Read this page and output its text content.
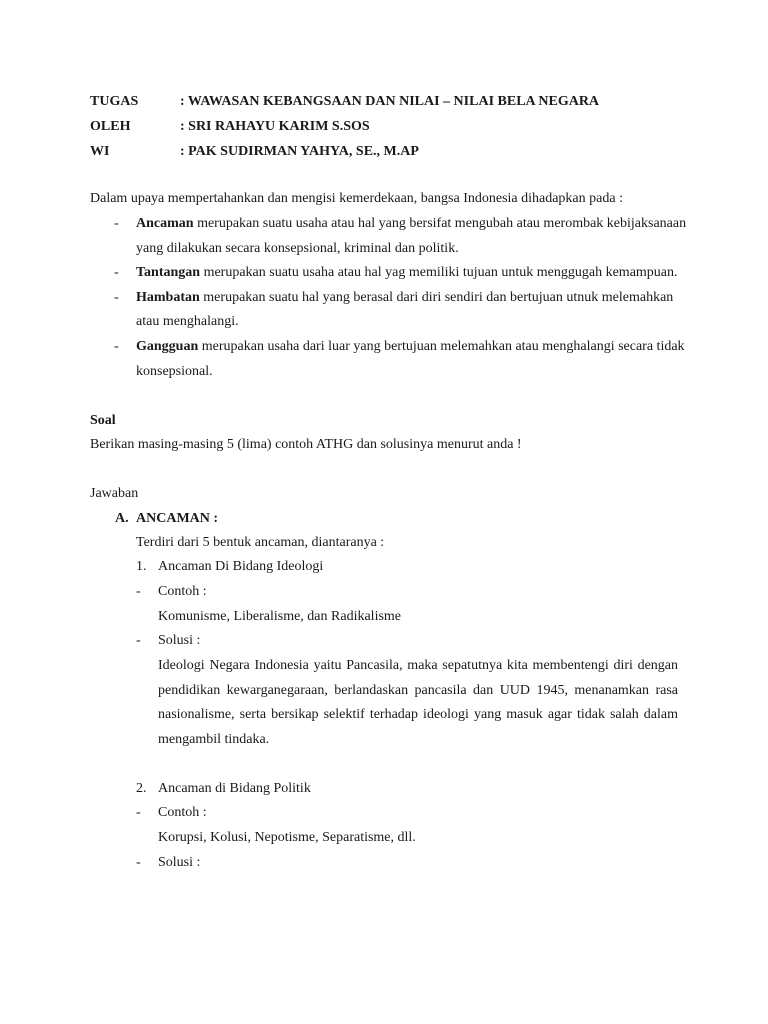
TUGAS	: WAWASAN KEBANGSAAN DAN NILAI – NILAI BELA NEGARA
OLEH	: SRI RAHAYU KARIM S.SOS
WI	: PAK SUDIRMAN YAHYA, SE., M.AP
Dalam upaya mempertahankan dan mengisi kemerdekaan, bangsa Indonesia dihadapkan pada :
- Ancaman merupakan suatu usaha atau hal yang bersifat mengubah atau merombak kebijaksanaan
yang dilakukan secara konsepsional, kriminal dan politik.
- Tantangan merupakan suatu usaha atau hal yag memiliki tujuan untuk menggugah kemampuan.
- Hambatan merupakan suatu hal yang berasal dari diri sendiri dan bertujuan utnuk melemahkan
atau menghalangi.
- Gangguan merupakan usaha dari luar yang bertujuan melemahkan atau menghalangi secara tidak
konsepsional.
Soal
Berikan masing-masing 5 (lima) contoh ATHG dan solusinya menurut anda !
Jawaban
A. ANCAMAN :
Terdiri dari 5 bentuk ancaman, diantaranya :
1. Ancaman Di Bidang Ideologi
- Contoh :
Komunisme, Liberalisme, dan Radikalisme
- Solusi :
Ideologi Negara Indonesia yaitu Pancasila, maka sepatutnya kita membentengi diri dengan
pendidikan kewarganegaraan, berlandaskan pancasila dan UUD 1945, menanamkan rasa
nasionalisme, serta bersikap selektif terhadap ideologi yang masuk agar tidak salah dalam
mengambil tindaka.
2. Ancaman di Bidang Politik
- Contoh :
Korupsi, Kolusi, Nepotisme, Separatisme, dll.
- Solusi :
